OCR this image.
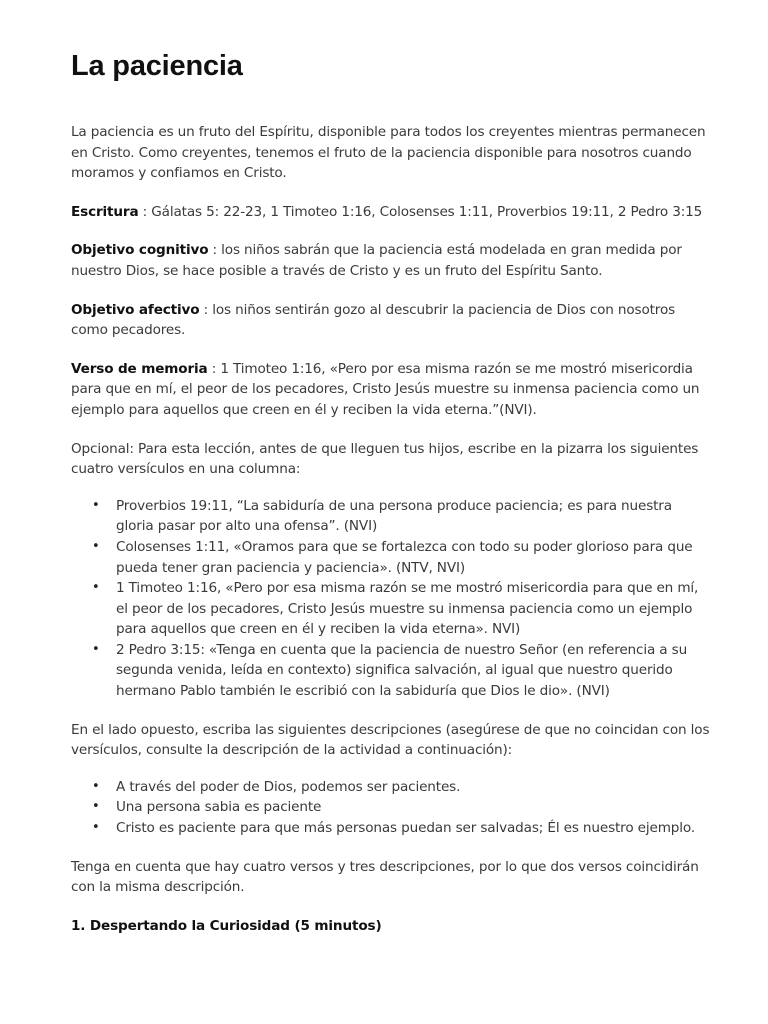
La paciencia

La paciencia es un fruto del Espíritu, disponible para todos los creyentes mientras permanecen en Cristo. Como creyentes, tenemos el fruto de la paciencia disponible para nosotros cuando moramos y confiamos en Cristo.

Escritura : Gálatas 5: 22-23, 1 Timoteo 1:16, Colosenses 1:11, Proverbios 19:11, 2 Pedro 3:15

Objetivo cognitivo : los niños sabrán que la paciencia está modelada en gran medida por nuestro Dios, se hace posible a través de Cristo y es un fruto del Espíritu Santo.

Objetivo afectivo : los niños sentirán gozo al descubrir la paciencia de Dios con nosotros como pecadores.

Verso de memoria : 1 Timoteo 1:16, «Pero por esa misma razón se me mostró misericordia para que en mí, el peor de los pecadores, Cristo Jesús muestre su inmensa paciencia como un ejemplo para aquellos que creen en él y reciben la vida eterna.”(NVI).

Opcional: Para esta lección, antes de que lleguen tus hijos, escribe en la pizarra los siguientes cuatro versículos en una columna:

• Proverbios 19:11, “La sabiduría de una persona produce paciencia; es para nuestra gloria pasar por alto una ofensa”. (NVI)
• Colosenses 1:11, «Oramos para que se fortalezca con todo su poder glorioso para que pueda tener gran paciencia y paciencia». (NTV, NVI)
• 1 Timoteo 1:16, «Pero por esa misma razón se me mostró misericordia para que en mí, el peor de los pecadores, Cristo Jesús muestre su inmensa paciencia como un ejemplo para aquellos que creen en él y reciben la vida eterna». NVI)
• 2 Pedro 3:15: «Tenga en cuenta que la paciencia de nuestro Señor (en referencia a su segunda venida, leída en contexto) significa salvación, al igual que nuestro querido hermano Pablo también le escribió con la sabiduría que Dios le dio». (NVI)

En el lado opuesto, escriba las siguientes descripciones (asegúrese de que no coincidan con los versículos, consulte la descripción de la actividad a continuación):

• A través del poder de Dios, podemos ser pacientes.
• Una persona sabia es paciente
• Cristo es paciente para que más personas puedan ser salvadas; Él es nuestro ejemplo.

Tenga en cuenta que hay cuatro versos y tres descripciones, por lo que dos versos coincidirán con la misma descripción.

1. Despertando la Curiosidad (5 minutos)
